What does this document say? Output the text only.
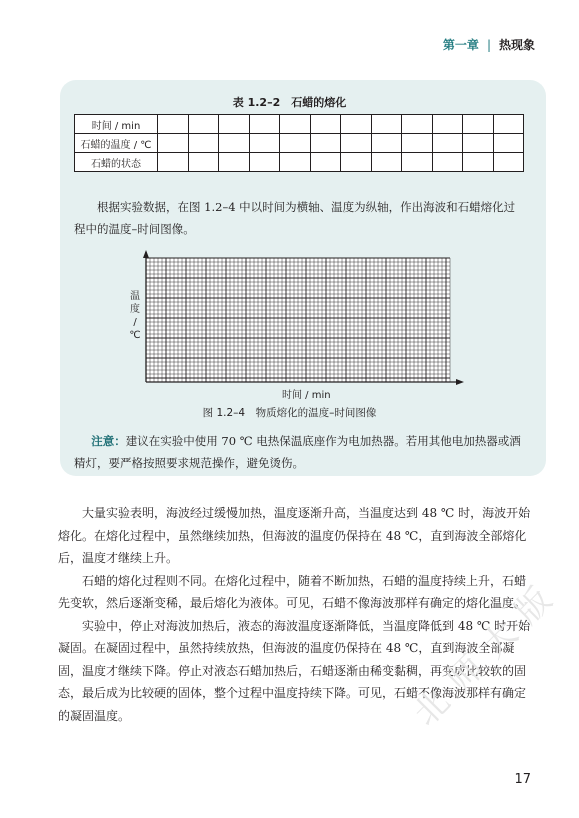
第一章 | 热现象
表 1.2–2　石蜡的熔化
时间 / min												
石蜡的温度 / ℃												
石蜡的状态												
根据实验数据，在图 1.2–4 中以时间为横轴、温度为纵轴，作出海波和石蜡熔化过程中的温度–时间图像。
温度 / ℃
时间 / min
图 1.2–4　物质熔化的温度–时间图像
注意：建议在实验中使用 70 ℃ 电热保温底座作为电加热器。若用其他电加热器或酒精灯，要严格按照要求规范操作，避免烫伤。

大量实验表明，海波经过缓慢加热，温度逐渐升高，当温度达到 48 ℃ 时，海波开始熔化。在熔化过程中，虽然继续加热，但海波的温度仍保持在 48 ℃，直到海波全部熔化后，温度才继续上升。

石蜡的熔化过程则不同。在熔化过程中，随着不断加热，石蜡的温度持续上升，石蜡先变软，然后逐渐变稀，最后熔化为液体。可见，石蜡不像海波那样有确定的熔化温度。

实验中，停止对海波加热后，液态的海波温度逐渐降低，当温度降低到 48 ℃ 时开始凝固。在凝固过程中，虽然持续放热，但海波的温度仍保持在 48 ℃，直到海波全部凝固，温度才继续下降。停止对液态石蜡加热后，石蜡逐渐由稀变黏稠，再变成比较软的固态，最后成为比较硬的固体，整个过程中温度持续下降。可见，石蜡不像海波那样有确定的凝固温度。	北师大版
17
